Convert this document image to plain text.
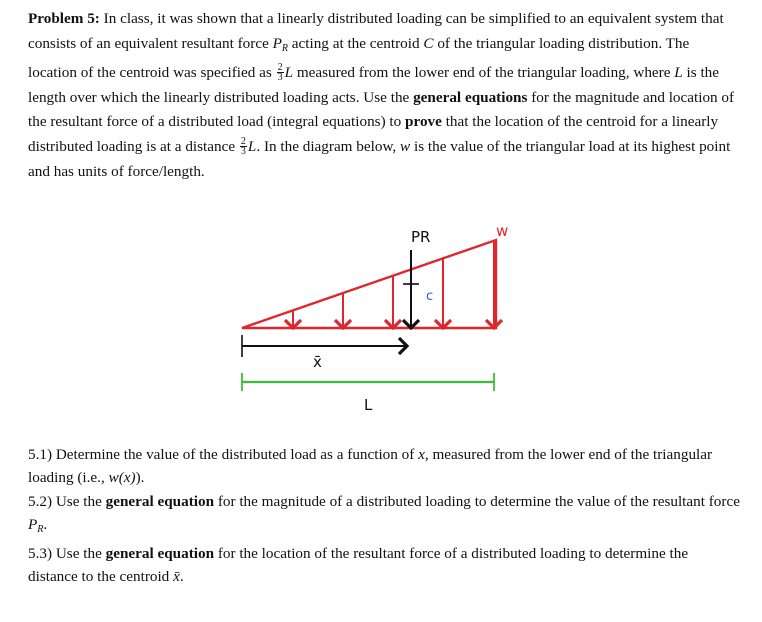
Problem 5: In class, it was shown that a linearly distributed loading can be simplified to an equivalent system that consists of an equivalent resultant force $P_R$ acting at the centroid C of the triangular loading distribution. The location of the centroid was specified as $\frac{2}{3}$ L measured from the lower end of the triangular loading, where L is the length over which the linearly distributed loading acts. Use the general equations for the magnitude and location of the resultant force of a distributed load (integral equations) to prove that the location of the centroid for a linearly distributed loading is at a distance $\frac{2}{3} L$. In the diagram below, w is the value of the triangular load at its highest point and has units of force/length.
PR	w
c
x̄
L
5.1) Determine the value of the distributed load as a function of x, measured from the lower end of the triangular loading (i.e., w(x)).
5.2) Use the general equation for the magnitude of a distributed loading to determine the value of the resultant force $P_R$.
5.3) Use the general equation for the location of the resultant force of a distributed loading to determine the distance to the centroid x̄.
